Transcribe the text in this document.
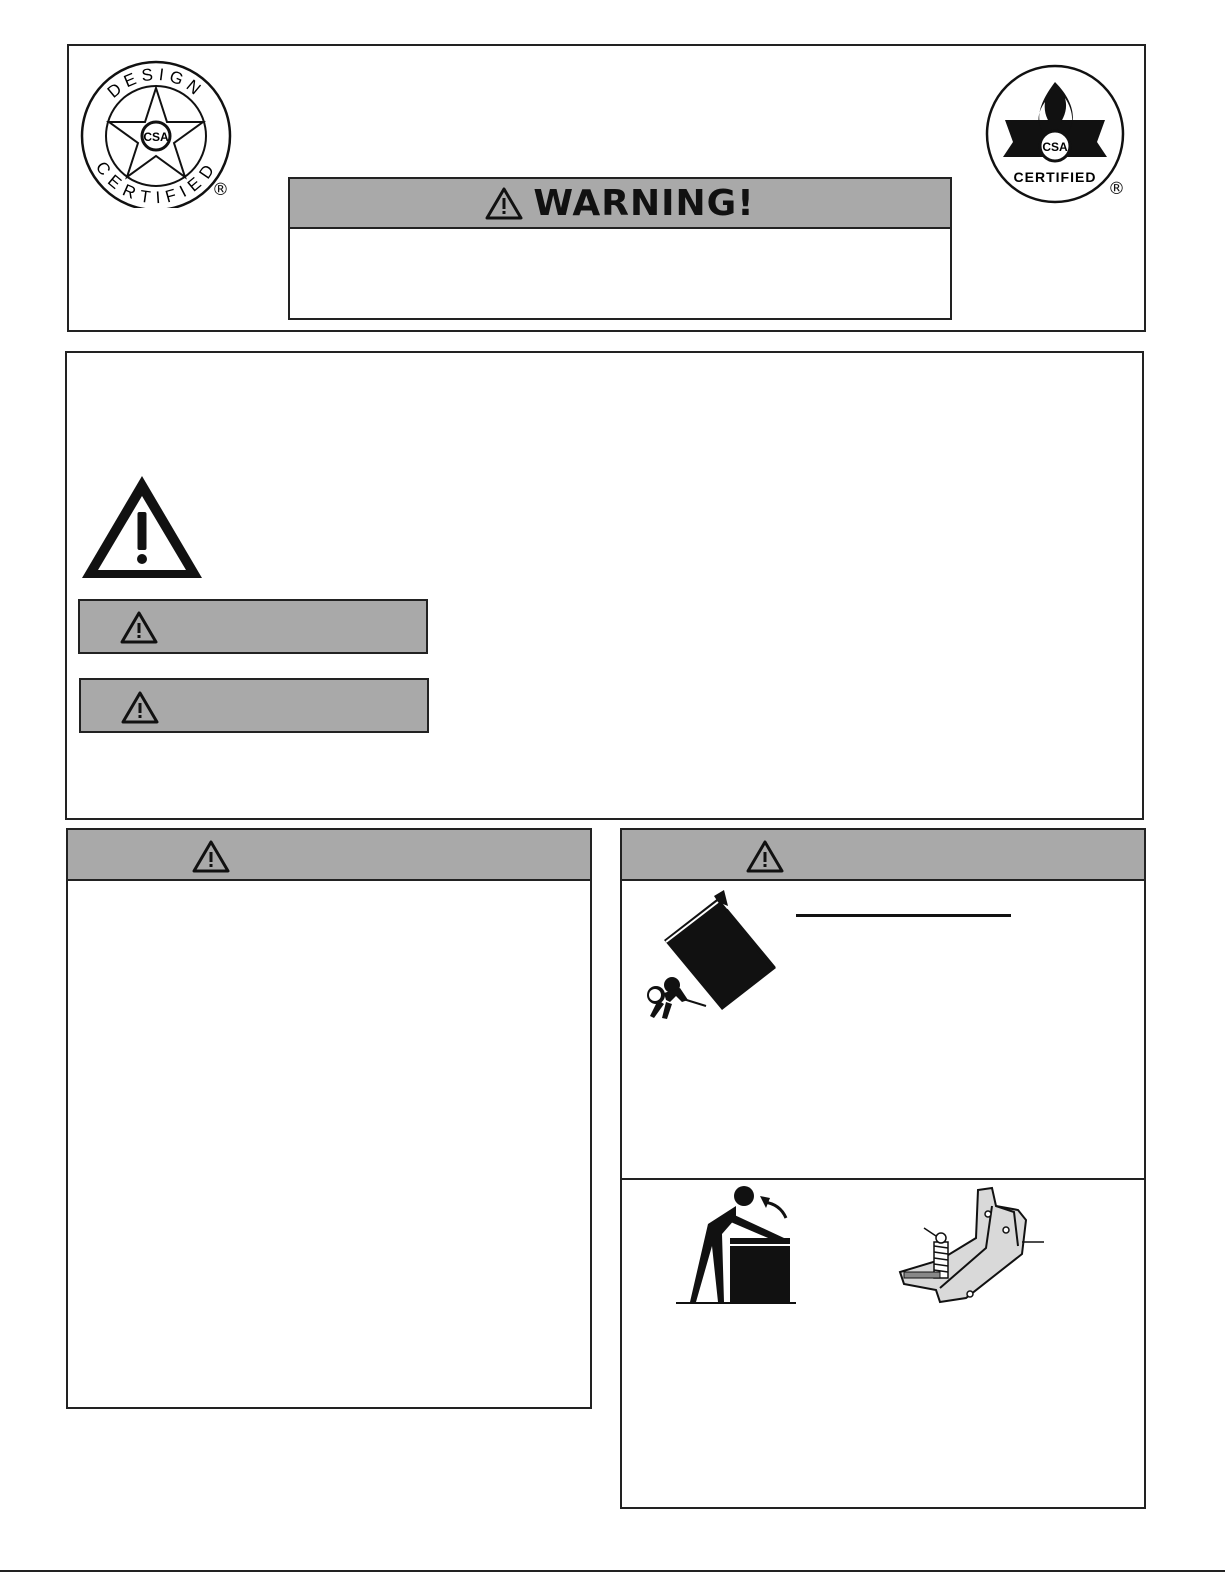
CSA
DESIGN
CERTIFIED
®
CSA
CERTIFIED
®
WARNING!
